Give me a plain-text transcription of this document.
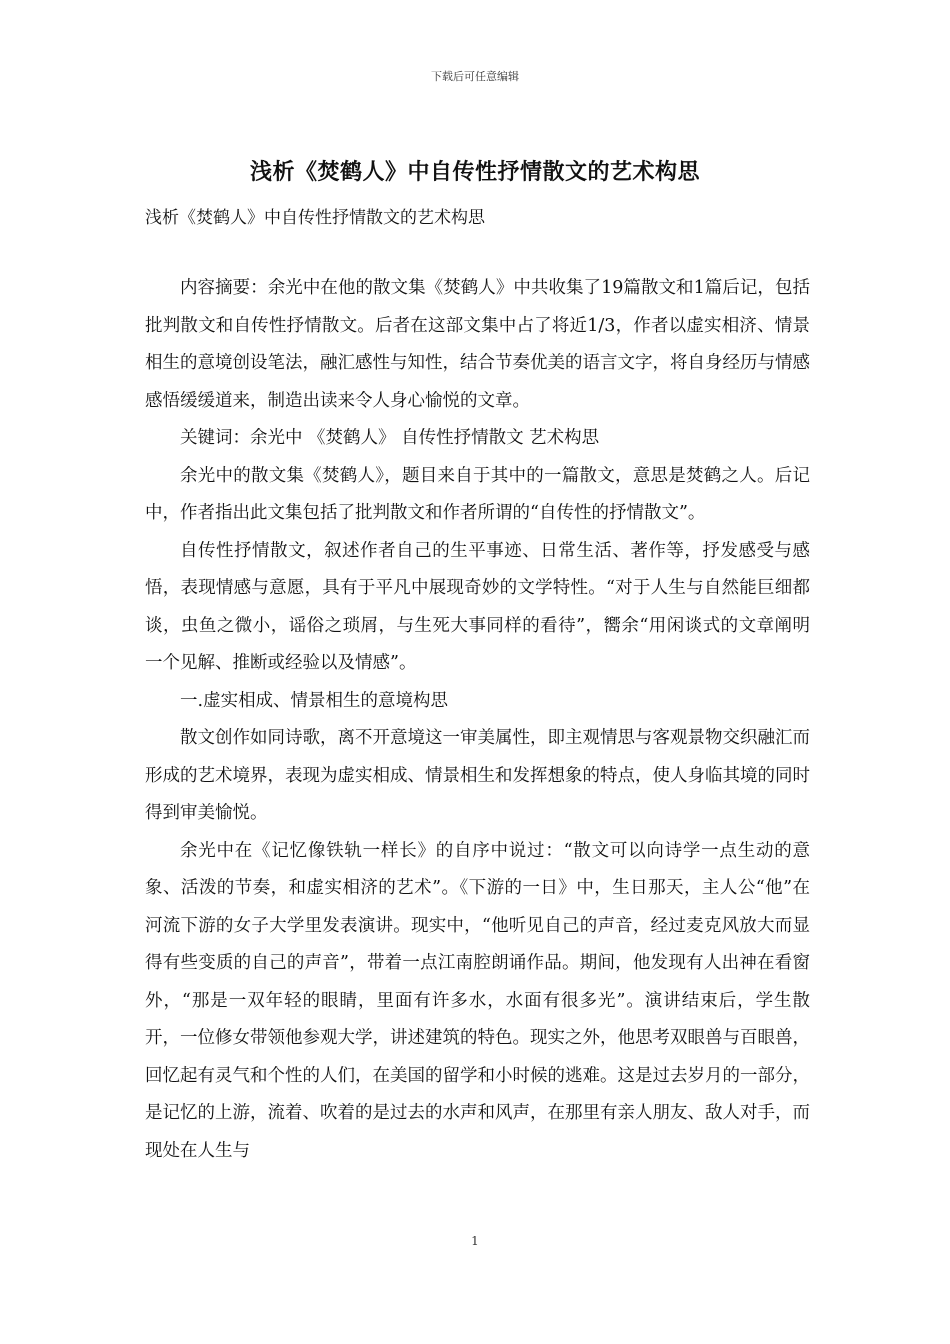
下载后可任意编辑
浅析《焚鹤人》中自传性抒情散文的艺术构思
浅析《焚鹤人》中自传性抒情散文的艺术构思

内容摘要：余光中在他的散文集《焚鹤人》中共收集了19篇散文和1篇后记，包括批判散文和自传性抒情散文。后者在这部文集中占了将近1/3，作者以虚实相济、情景相生的意境创设笔法，融汇感性与知性，结合节奏优美的语言文字，将自身经历与情感感悟缓缓道来，制造出读来令人身心愉悦的文章。

关键词：余光中 《焚鹤人》 自传性抒情散文 艺术构思

余光中的散文集《焚鹤人》，题目来自于其中的一篇散文，意思是焚鹤之人。后记中，作者指出此文集包括了批判散文和作者所谓的“自传性的抒情散文”。

自传性抒情散文，叙述作者自己的生平事迹、日常生活、著作等，抒发感受与感悟，表现情感与意愿，具有于平凡中展现奇妙的文学特性。“对于人生与自然能巨细都谈，虫鱼之微小，谣俗之琐屑，与生死大事同样的看待”，嚮余“用闲谈式的文章阐明一个见解、推断或经验以及情感”。

一.虚实相成、情景相生的意境构思

散文创作如同诗歌，离不开意境这一审美属性，即主观情思与客观景物交织融汇而形成的艺术境界，表现为虚实相成、情景相生和发挥想象的特点，使人身临其境的同时得到审美愉悦。

余光中在《记忆像铁轨一样长》的自序中说过：“散文可以向诗学一点生动的意象、活泼的节奏，和虚实相济的艺术”。《下游的一日》中，生日那天，主人公“他”在河流下游的女子大学里发表演讲。现实中，“他听见自己的声音，经过麦克风放大而显得有些变质的自己的声音”，带着一点江南腔朗诵作品。期间，他发现有人出神在看窗外，“那是一双年轻的眼睛，里面有许多水，水面有很多光”。演讲结束后，学生散开，一位修女带领他参观大学，讲述建筑的特色。现实之外，他思考双眼兽与百眼兽，回忆起有灵气和个性的人们，在美国的留学和小时候的逃难。这是过去岁月的一部分，是记忆的上游，流着、吹着的是过去的水声和风声，在那里有亲人朋友、敌人对手，而现处在人生与

1
